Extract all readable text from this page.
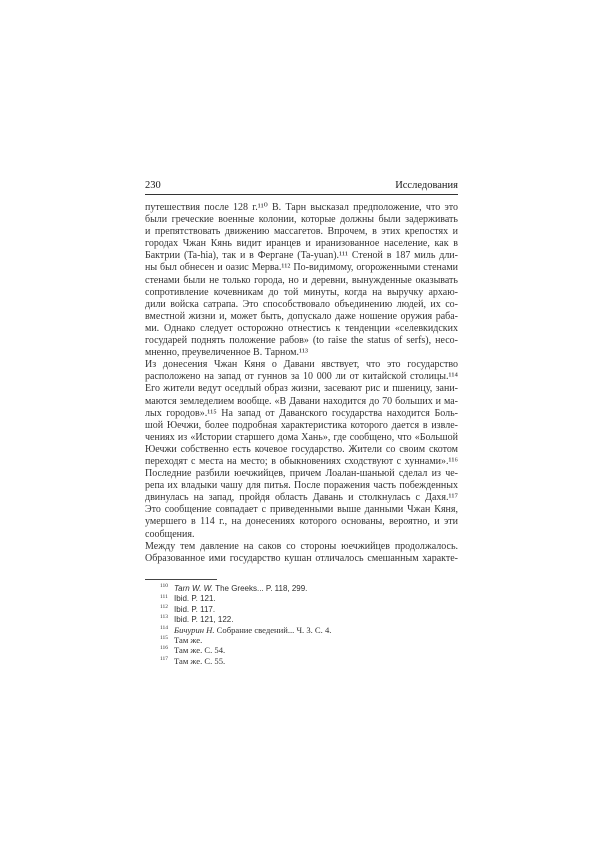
230	Исследования
путешествия после 128 г.¹¹⁰ В. Тарн высказал предположение, что это
были греческие военные колонии, которые должны были задерживать
и препятствовать движению массагетов. Впрочем, в этих крепостях и
городах Чжан Кянь видит иранцев и иранизованное население, как в
Бактрии (Ta-hia), так и в Фергане (Ta-yuan).¹¹¹ Стеной в 187 миль дли-
ны был обнесен и оазис Мерва.¹¹² По-видимому, огороженными стенами
стенами были не только города, но и деревни, вынужденные оказывать
сопротивление кочевникам до той минуты, когда на выручку архаю-
дили войска сатрапа. Это способствовало объединению людей, их со-
вместной жизни и, может быть, допускало даже ношение оружия раба-
ми. Однако следует осторожно отнестись к тенденции «селевкидских
государей поднять положение рабов» (to raise the status of serfs), несо-
мненно, преувеличенное В. Тарном.¹¹³
Из донесения Чжан Кяня о Давани явствует, что это государство
расположено на запад от гуннов за 10 000 ли от китайской столицы.¹¹⁴
Его жители ведут оседлый образ жизни, засевают рис и пшеницу, зани-
маются земледелием вообще. «В Давани находится до 70 больших и ма-
лых городов».¹¹⁵ На запад от Даванского государства находится Боль-
шой Юечжи, более подробная характеристика которого дается в извле-
чениях из «Истории старшего дома Хань», где сообщено, что «Большой
Юечжи собственно есть кочевое государство. Жители со своим скотом
переходят с места на место; в обыкновениях сходствуют с хуннами».¹¹⁶
Последние разбили юечжийцев, причем Лоалан-шаньюй сделал из че-
репа их владыки чашу для питья. После поражения часть побежденных
двинулась на запад, пройдя область Давань и столкнулась с Дахя.¹¹⁷
Это сообщение совпадает с приведенными выше данными Чжан Кяня,
умершего в 114 г., на донесениях которого основаны, вероятно, и эти
сообщения.
Между тем давление на саков со стороны юечжийцев продолжалось.
Образованное ими государство кушан отличалось смешанным характе-
110 Tarn W. W. The Greeks... P. 118, 299.
111 Ibid. P. 121.
112 Ibid. P. 117.
113 Ibid. P. 121, 122.
114 Бичурин Н. Собрание сведений... Ч. 3. С. 4.
115 Там же.
116 Там же. С. 54.
117 Там же. С. 55.
